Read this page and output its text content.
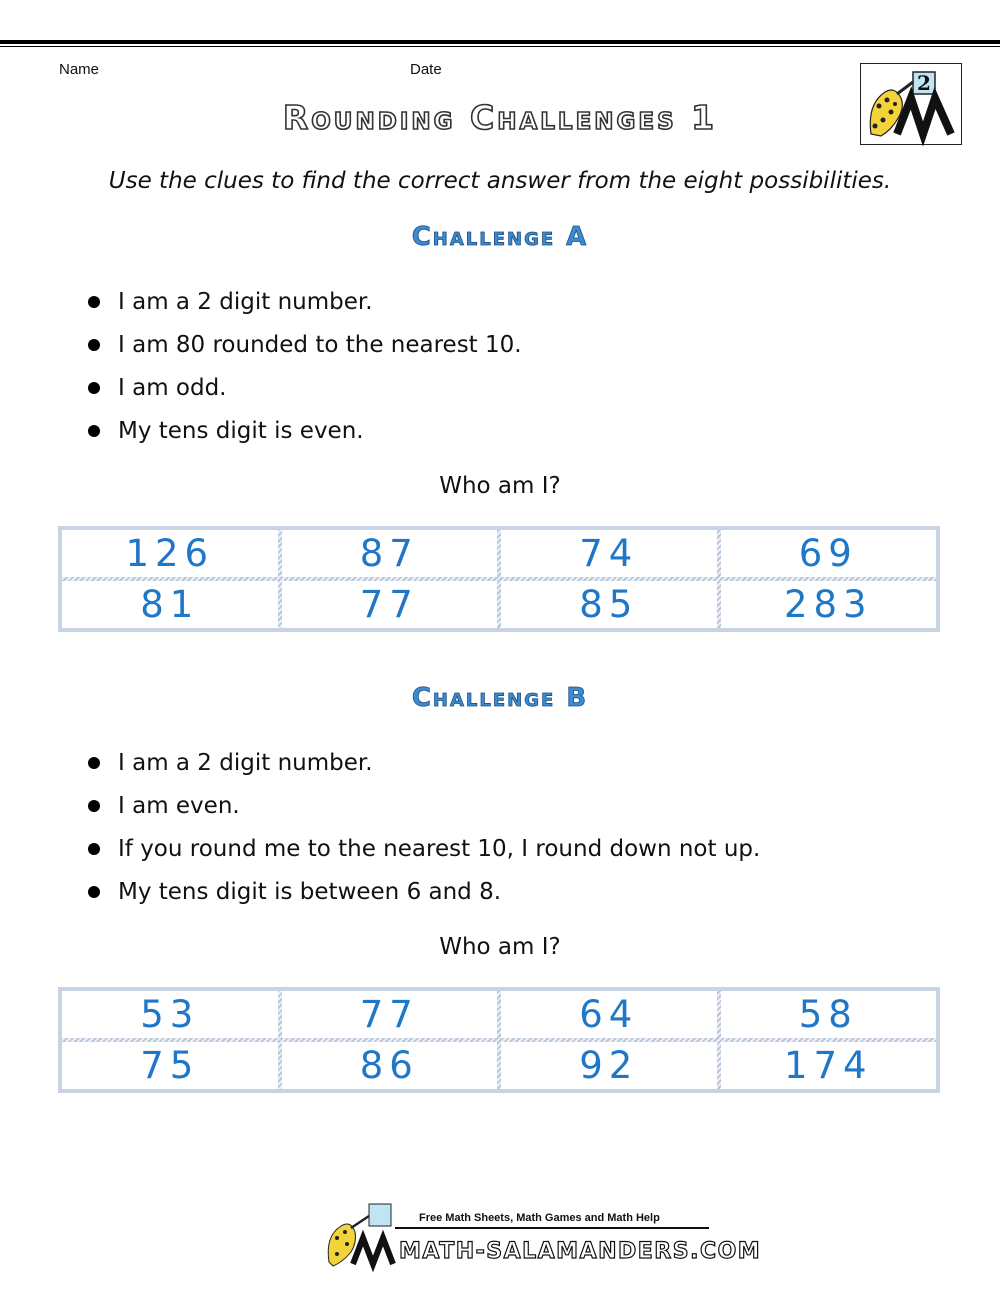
Name	Date
2
Rounding Challenges 1
Use the clues to find the correct answer from the eight possibilities.
Challenge A
I am a 2 digit number.
I am 80 rounded to the nearest 10.
I am odd.
My tens digit is even.
Who am I?
126	87	74	69
81	77	85	283
Challenge B
I am a 2 digit number.
I am even.
If you round me to the nearest 10, I round down not up.
My tens digit is between 6 and 8.
Who am I?
53	77	64	58
75	86	92	174
Free Math Sheets, Math Games and Math Help
MATH-SALAMANDERS.COM
